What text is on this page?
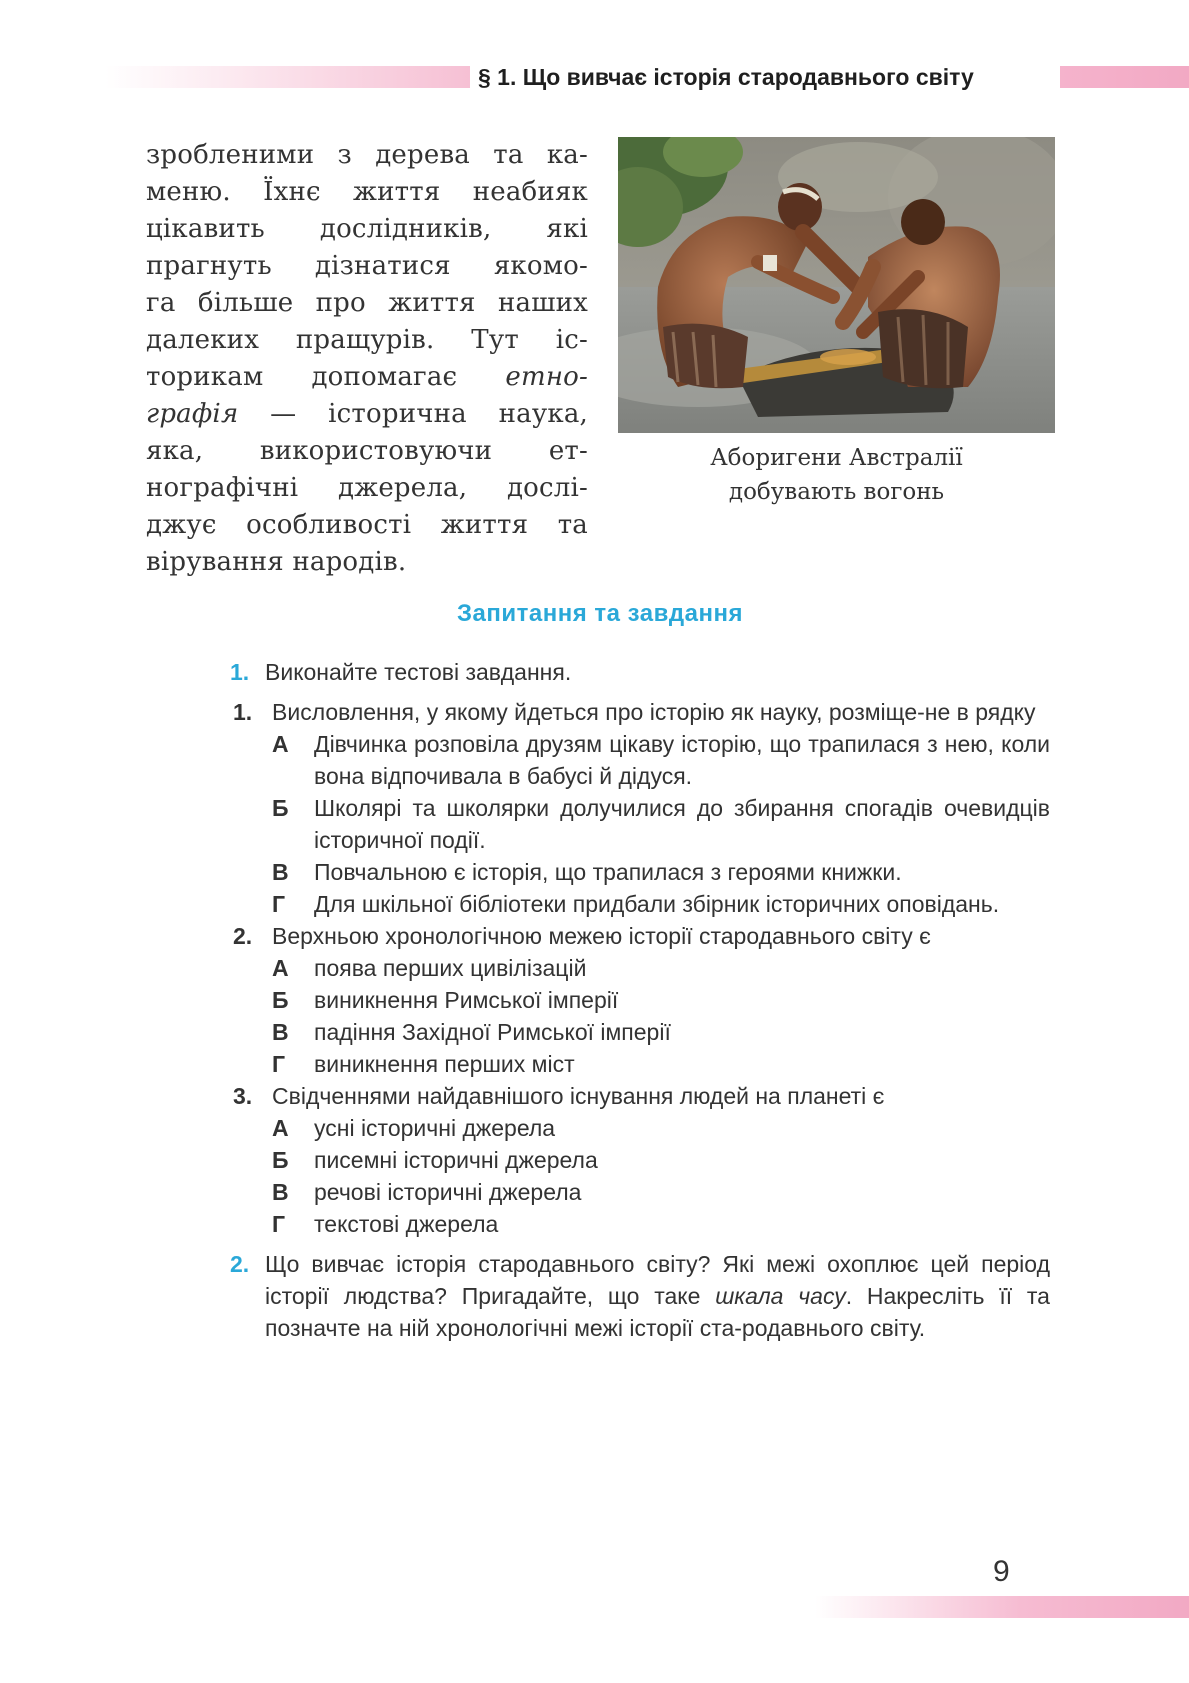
§ 1. Що вивчає історія стародавнього світу
зробленими з дерева та ка-
меню. Їхнє життя неабияк
цікавить дослідників, які
прагнуть дізнатися якомо-
га більше про життя наших
далеких пращурів. Тут іс-
торикам допомагає етно-
графія — історична наука,
яка, використовуючи ет-
нографічні джерела, дослі-
джує особливості життя та
вірування народів.
Аборигени Австралії
добувають вогонь
Запитання та завдання
1. Виконайте тестові завдання.
1. Висловлення, у якому йдеться про історію як науку, розміще-не в рядку
А Дівчинка розповіла друзям цікаву історію, що трапилася з нею, коли вона відпочивала в бабусі й дідуся.
Б Школярі та школярки долучилися до збирання спогадів очевидців історичної події.
В Повчальною є історія, що трапилася з героями книжки.
Г Для шкільної бібліотеки придбали збірник історичних оповідань.
2. Верхньою хронологічною межею історії стародавнього світу є
А поява перших цивілізацій
Б виникнення Римської імперії
В падіння Західної Римської імперії
Г виникнення перших міст
3. Свідченнями найдавнішого існування людей на планеті є
А усні історичні джерела
Б писемні історичні джерела
В речові історичні джерела
Г текстові джерела
2. Що вивчає історія стародавнього світу? Які межі охоплює цей період історії людства? Пригадайте, що таке шкала часу. Накресліть її та позначте на ній хронологічні межі історії ста-родавнього світу.
9
